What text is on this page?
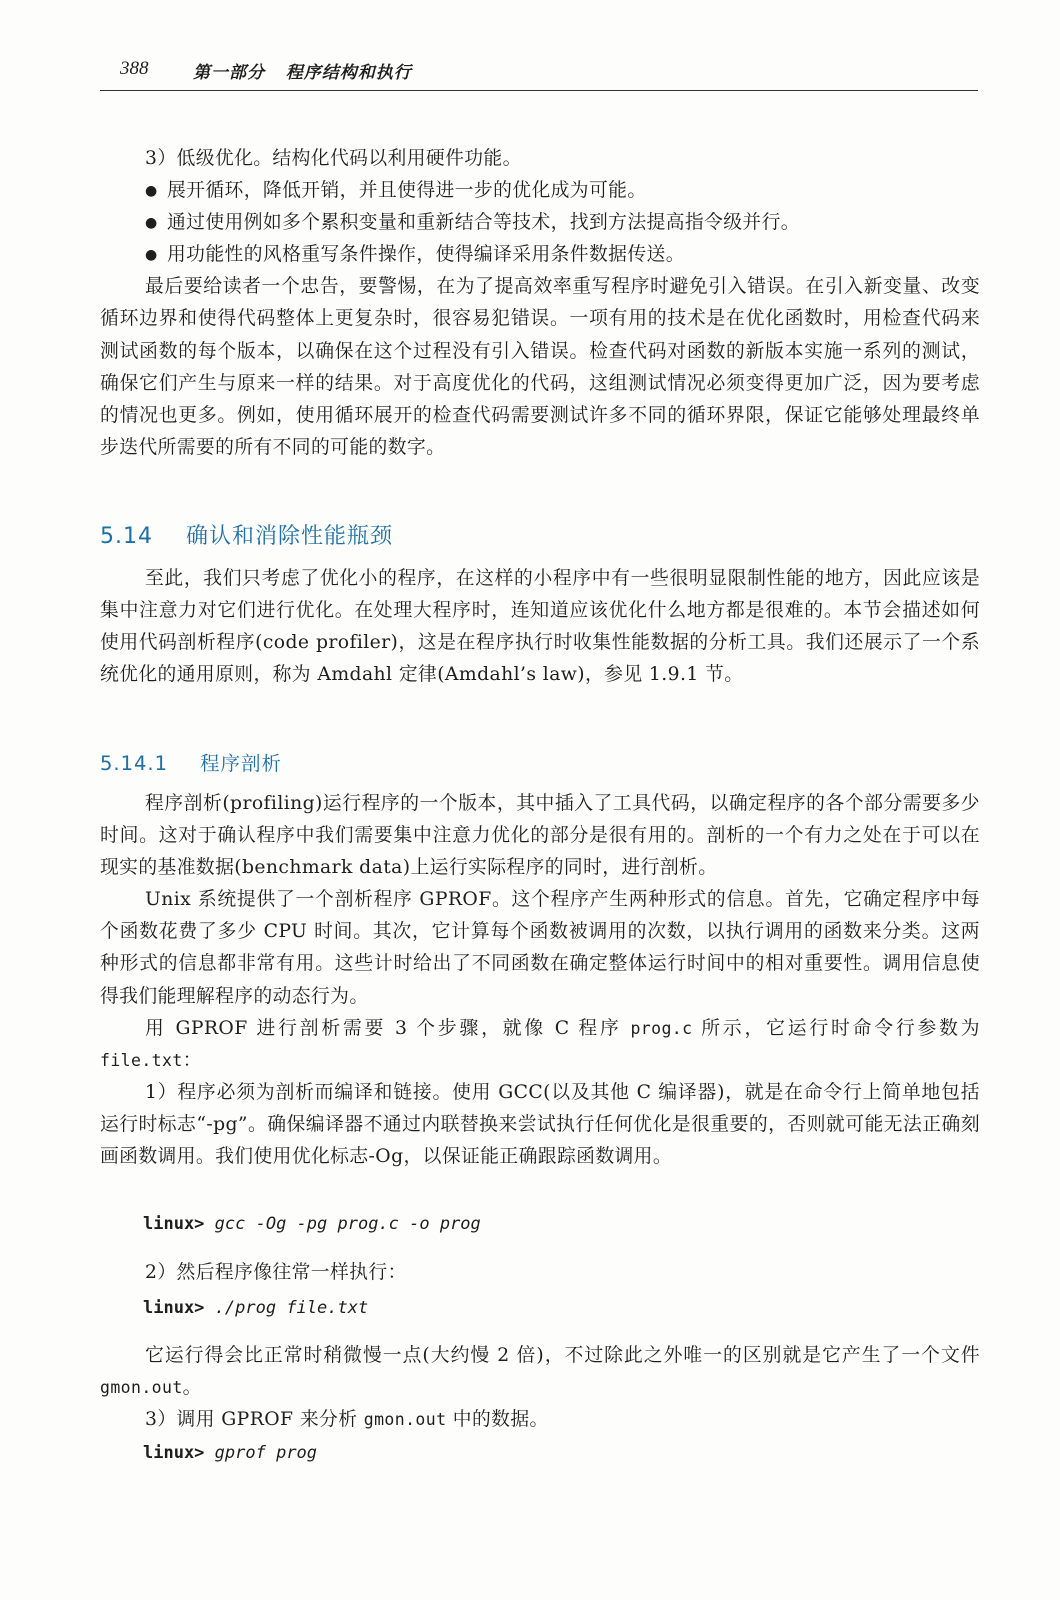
388	第一部分   程序结构和执行

3）低级优化。结构化代码以利用硬件功能。

● 展开循环，降低开销，并且使得进一步的优化成为可能。

● 通过使用例如多个累积变量和重新结合等技术，找到方法提高指令级并行。

● 用功能性的风格重写条件操作，使得编译采用条件数据传送。

最后要给读者一个忠告，要警惕，在为了提高效率重写程序时避免引入错误。在引入新变量、改变循环边界和使得代码整体上更复杂时，很容易犯错误。一项有用的技术是在优化函数时，用检查代码来测试函数的每个版本，以确保在这个过程没有引入错误。检查代码对函数的新版本实施一系列的测试，确保它们产生与原来一样的结果。对于高度优化的代码，这组测试情况必须变得更加广泛，因为要考虑的情况也更多。例如，使用循环展开的检查代码需要测试许多不同的循环界限，保证它能够处理最终单步迭代所需要的所有不同的可能的数字。

5.14 确认和消除性能瓶颈

至此，我们只考虑了优化小的程序，在这样的小程序中有一些很明显限制性能的地方，因此应该是集中注意力对它们进行优化。在处理大程序时，连知道应该优化什么地方都是很难的。本节会描述如何使用代码剖析程序(code profiler)，这是在程序执行时收集性能数据的分析工具。我们还展示了一个系统优化的通用原则，称为 Amdahl 定律(Amdahl’s law)，参见 1.9.1 节。

5.14.1 程序剖析

程序剖析(profiling)运行程序的一个版本，其中插入了工具代码，以确定程序的各个部分需要多少时间。这对于确认程序中我们需要集中注意力优化的部分是很有用的。剖析的一个有力之处在于可以在现实的基准数据(benchmark data)上运行实际程序的同时，进行剖析。

Unix 系统提供了一个剖析程序 GPROF。这个程序产生两种形式的信息。首先，它确定程序中每个函数花费了多少 CPU 时间。其次，它计算每个函数被调用的次数，以执行调用的函数来分类。这两种形式的信息都非常有用。这些计时给出了不同函数在确定整体运行时间中的相对重要性。调用信息使得我们能理解程序的动态行为。

用 GPROF 进行剖析需要 3 个步骤，就像 C 程序 prog.c 所示，它运行时命令行参数为 file.txt：

1）程序必须为剖析而编译和链接。使用 GCC(以及其他 C 编译器)，就是在命令行上简单地包括运行时标志“-pg”。确保编译器不通过内联替换来尝试执行任何优化是很重要的，否则就可能无法正确刻画函数调用。我们使用优化标志-Og，以保证能正确跟踪函数调用。

linux> gcc -Og -pg prog.c -o prog

2）然后程序像往常一样执行：

linux> ./prog file.txt

它运行得会比正常时稍微慢一点(大约慢 2 倍)，不过除此之外唯一的区别就是它产生了一个文件 gmon.out。

3）调用 GPROF 来分析 gmon.out 中的数据。

linux> gprof prog
